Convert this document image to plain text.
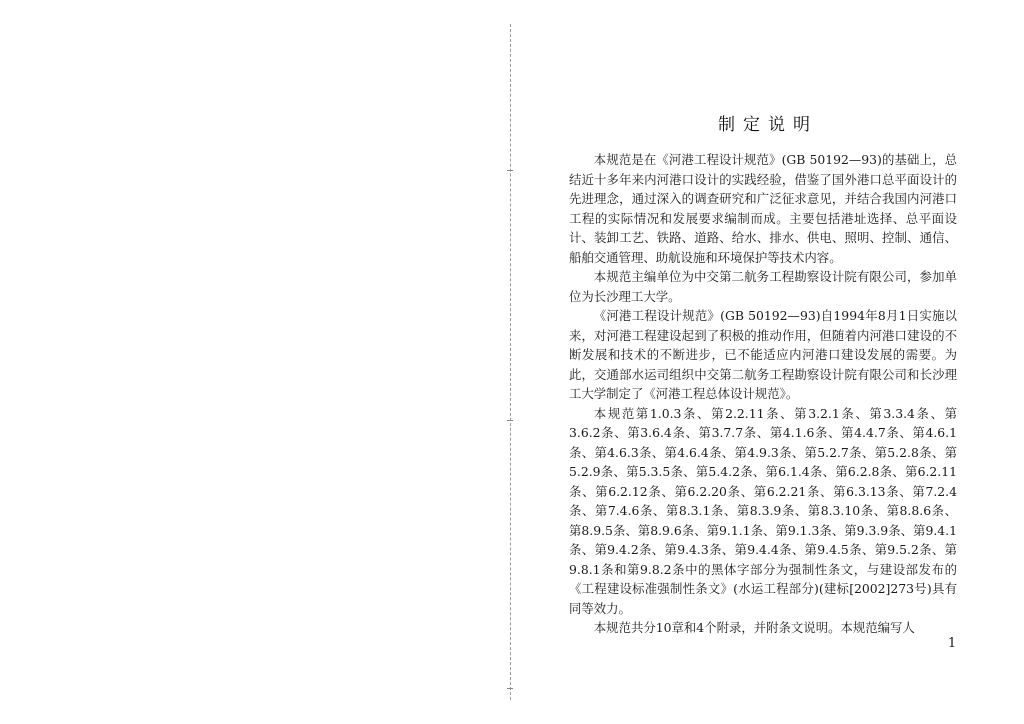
制定说明

本规范是在《河港工程设计规范》(GB 50192—93)的基础上，总结近十多年来内河港口设计的实践经验，借鉴了国外港口总平面设计的先进理念，通过深入的调查研究和广泛征求意见，并结合我国内河港口工程的实际情况和发展要求编制而成。主要包括港址选择、总平面设计、装卸工艺、铁路、道路、给水、排水、供电、照明、控制、通信、船舶交通管理、助航设施和环境保护等技术内容。

本规范主编单位为中交第二航务工程勘察设计院有限公司，参加单位为长沙理工大学。

《河港工程设计规范》(GB 50192—93)自1994年8月1日实施以来，对河港工程建设起到了积极的推动作用，但随着内河港口建设的不断发展和技术的不断进步，已不能适应内河港口建设发展的需要。为此，交通部水运司组织中交第二航务工程勘察设计院有限公司和长沙理工大学制定了《河港工程总体设计规范》。

本规范第1.0.3条、第2.2.11条、第3.2.1条、第3.3.4条、第3.6.2条、第3.6.4条、第3.7.7条、第4.1.6条、第4.4.7条、第4.6.1条、第4.6.3条、第4.6.4条、第4.9.3条、第5.2.7条、第5.2.8条、第5.2.9条、第5.3.5条、第5.4.2条、第6.1.4条、第6.2.8条、第6.2.11条、第6.2.12条、第6.2.20条、第6.2.21条、第6.3.13条、第7.2.4条、第7.4.6条、第8.3.1条、第8.3.9条、第8.3.10条、第8.8.6条、第8.9.5条、第8.9.6条、第9.1.1条、第9.1.3条、第9.3.9条、第9.4.1条、第9.4.2条、第9.4.3条、第9.4.4条、第9.4.5条、第9.5.2条、第9.8.1条和第9.8.2条中的黑体字部分为强制性条文，与建设部发布的《工程建设标准强制性条文》(水运工程部分)(建标[2002]273号)具有同等效力。

本规范共分10章和4个附录，并附条文说明。本规范编写人

1
